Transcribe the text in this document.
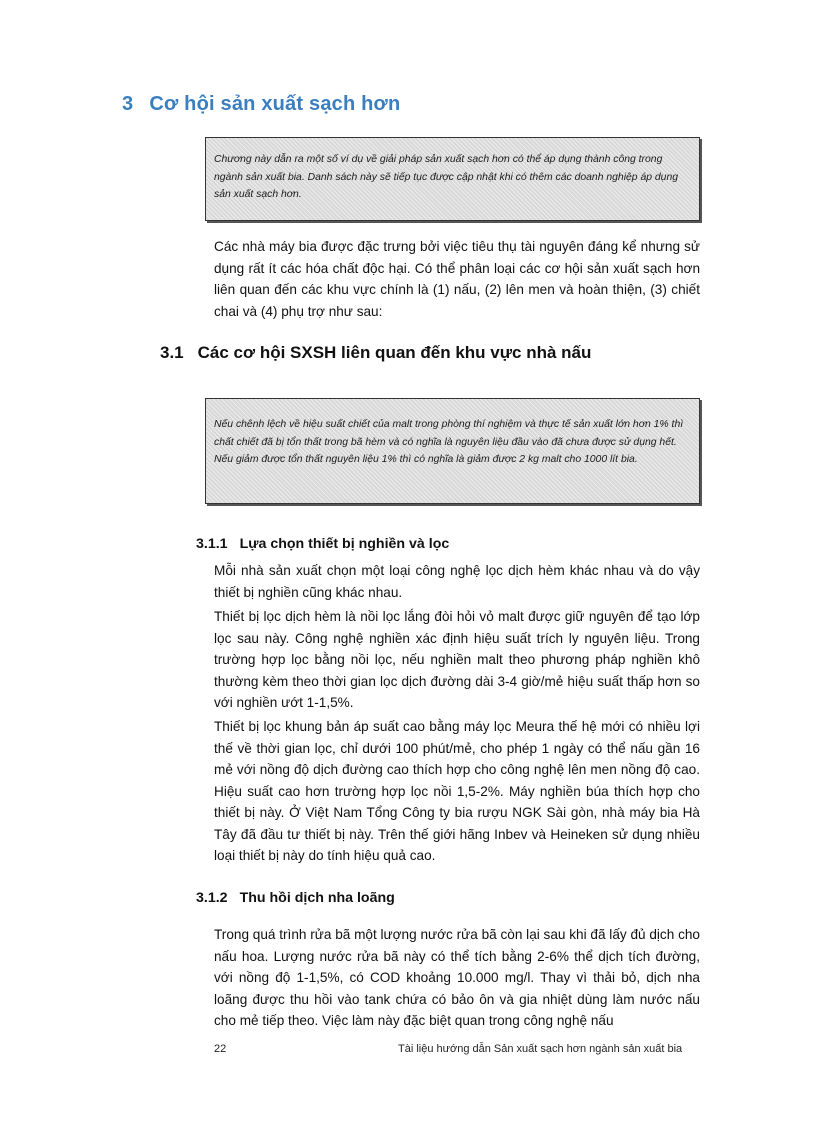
3 Cơ hội sản xuất sạch hơn
Chương này dẫn ra một số ví dụ về giải pháp sản xuất sạch hơn có thể áp dụng thành công trong ngành sản xuất bia. Danh sách này sẽ tiếp tục được cập nhật khi có thêm các doanh nghiệp áp dụng sản xuất sạch hơn.
Các nhà máy bia được đặc trưng bởi việc tiêu thụ tài nguyên đáng kể nhưng sử dụng rất ít các hóa chất độc hại. Có thể phân loại các cơ hội sản xuất sạch hơn liên quan đến các khu vực chính là (1) nấu, (2) lên men và hoàn thiện, (3) chiết chai và (4) phụ trợ như sau:
3.1 Các cơ hội SXSH liên quan đến khu vực nhà nấu
Nếu chênh lệch về hiệu suất chiết của malt trong phòng thí nghiệm và thực tế sản xuất lớn hơn 1% thì chất chiết đã bị tổn thất trong bã hèm và có nghĩa là nguyên liệu đầu vào đã chưa được sử dụng hết. Nếu giảm được tổn thất nguyên liệu 1% thì có nghĩa là giảm được 2 kg malt cho 1000 lít bia.
3.1.1 Lựa chọn thiết bị nghiền và lọc
Mỗi nhà sản xuất chọn một loại công nghệ lọc dịch hèm khác nhau và do vậy thiết bị nghiền cũng khác nhau.
Thiết bị lọc dịch hèm là nồi lọc lắng đòi hỏi vỏ malt được giữ nguyên để tạo lớp lọc sau này. Công nghệ nghiền xác định hiệu suất trích ly nguyên liệu. Trong trường hợp lọc bằng nồi lọc, nếu nghiền malt theo phương pháp nghiền khô thường kèm theo thời gian lọc dịch đường dài 3-4 giờ/mẻ hiệu suất thấp hơn so với nghiền ướt 1-1,5%.
Thiết bị lọc khung bản áp suất cao bằng máy lọc Meura thế hệ mới có nhiều lợi thế về thời gian lọc, chỉ dưới 100 phút/mẻ, cho phép 1 ngày có thể nấu gần 16 mẻ với nồng độ dịch đường cao thích hợp cho công nghệ lên men nồng độ cao. Hiệu suất cao hơn trường hợp lọc nồi 1,5-2%. Máy nghiền búa thích hợp cho thiết bị này. Ở Việt Nam Tổng Công ty bia rượu NGK Sài gòn, nhà máy bia Hà Tây đã đầu tư thiết bị này. Trên thế giới hãng Inbev và Heineken sử dụng nhiều loại thiết bị này do tính hiệu quả cao.
3.1.2 Thu hồi dịch nha loãng
Trong quá trình rửa bã một lượng nước rửa bã còn lại sau khi đã lấy đủ dịch cho nấu hoa. Lượng nước rửa bã này có thể tích bằng 2-6% thể dịch tích đường, với nồng độ 1-1,5%, có COD khoảng 10.000 mg/l. Thay vì thải bỏ, dịch nha loãng được thu hồi vào tank chứa có bảo ôn và gia nhiệt dùng làm nước nấu cho mẻ tiếp theo. Việc làm này đặc biệt quan trong công nghệ nấu
22	Tài liệu hướng dẫn Sản xuất sạch hơn ngành sản xuất bia
